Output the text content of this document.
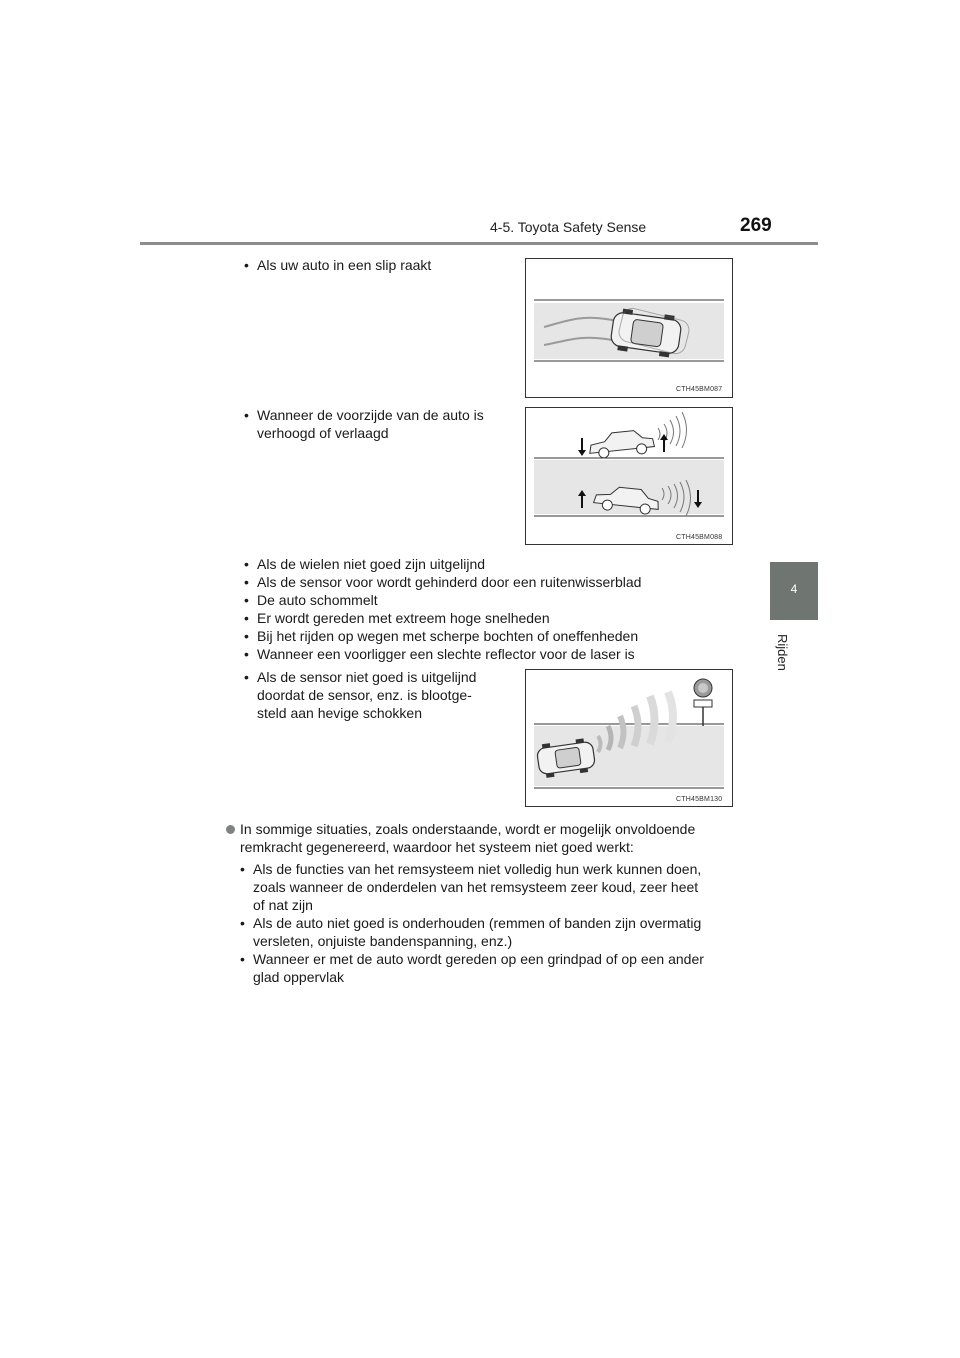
4-5. Toyota Safety Sense	269
4
Rijden
• Als uw auto in een slip raakt
CTH45BM087
• Wanneer de voorzijde van de auto is
verhoogd of verlaagd
CTH45BM088
• Als de wielen niet goed zijn uitgelijnd
• Als de sensor voor wordt gehinderd door een ruitenwisserblad
• De auto schommelt
• Er wordt gereden met extreem hoge snelheden
• Bij het rijden op wegen met scherpe bochten of oneffenheden
• Wanneer een voorligger een slechte reflector voor de laser is
• Als de sensor niet goed is uitgelijnd
doordat de sensor, enz. is blootge-
steld aan hevige schokken
CTH45BM130
In sommige situaties, zoals onderstaande, wordt er mogelijk onvoldoende
remkracht gegenereerd, waardoor het systeem niet goed werkt:
• Als de functies van het remsysteem niet volledig hun werk kunnen doen,
zoals wanneer de onderdelen van het remsysteem zeer koud, zeer heet
of nat zijn
• Als de auto niet goed is onderhouden (remmen of banden zijn overmatig
versleten, onjuiste bandenspanning, enz.)
• Wanneer er met de auto wordt gereden op een grindpad of op een ander
glad oppervlak
